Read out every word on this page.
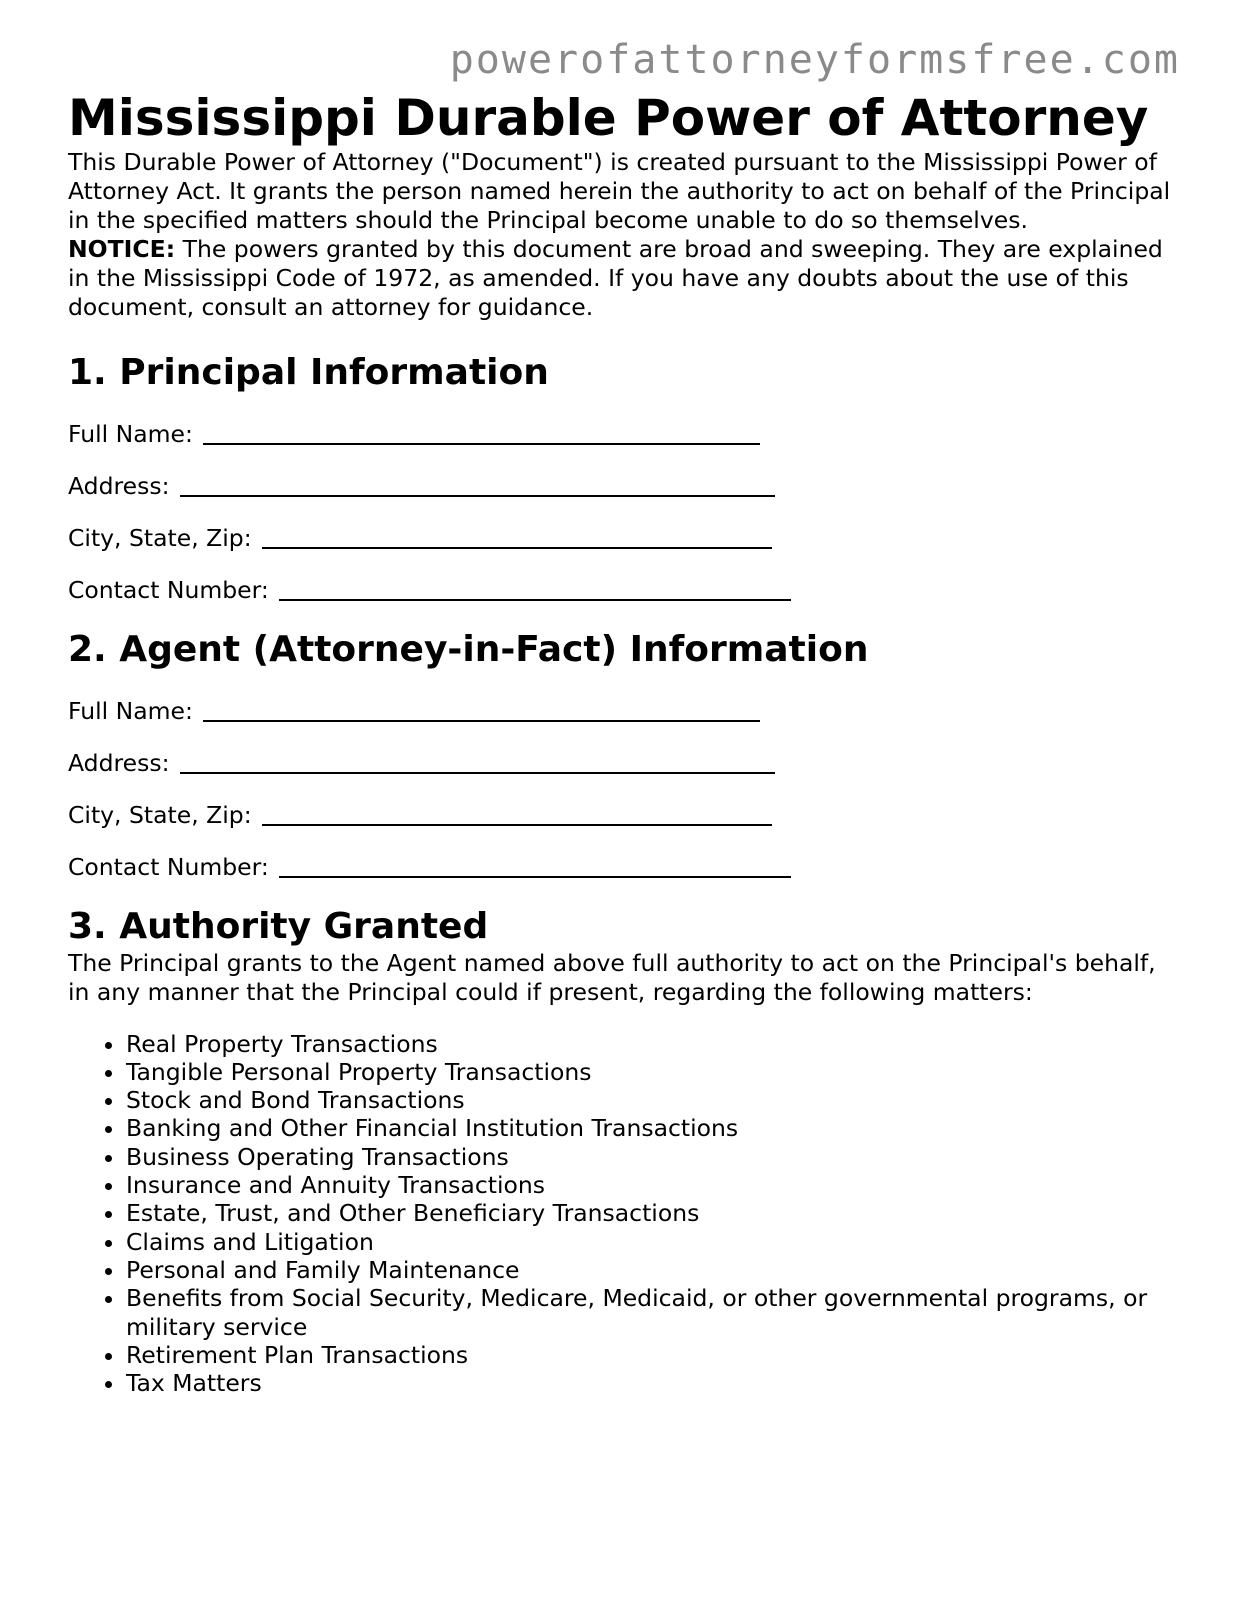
powerofattorneyformsfree.com
Mississippi Durable Power of Attorney

This Durable Power of Attorney ("Document") is created pursuant to the Mississippi Power of Attorney Act. It grants the person named herein the authority to act on behalf of the Principal in the specified matters should the Principal become unable to do so themselves.

NOTICE: The powers granted by this document are broad and sweeping. They are explained in the Mississippi Code of 1972, as amended. If you have any doubts about the use of this document, consult an attorney for guidance.

1. Principal Information
Full Name:
Address:
City, State, Zip:
Contact Number:
2. Agent (Attorney-in-Fact) Information
Full Name:
Address:
City, State, Zip:
Contact Number:
3. Authority Granted

The Principal grants to the Agent named above full authority to act on the Principal's behalf, in any manner that the Principal could if present, regarding the following matters:

• Real Property Transactions
• Tangible Personal Property Transactions
• Stock and Bond Transactions
• Banking and Other Financial Institution Transactions
• Business Operating Transactions
• Insurance and Annuity Transactions
• Estate, Trust, and Other Beneficiary Transactions
• Claims and Litigation
• Personal and Family Maintenance
• Benefits from Social Security, Medicare, Medicaid, or other governmental programs, or military service
• Retirement Plan Transactions
• Tax Matters
